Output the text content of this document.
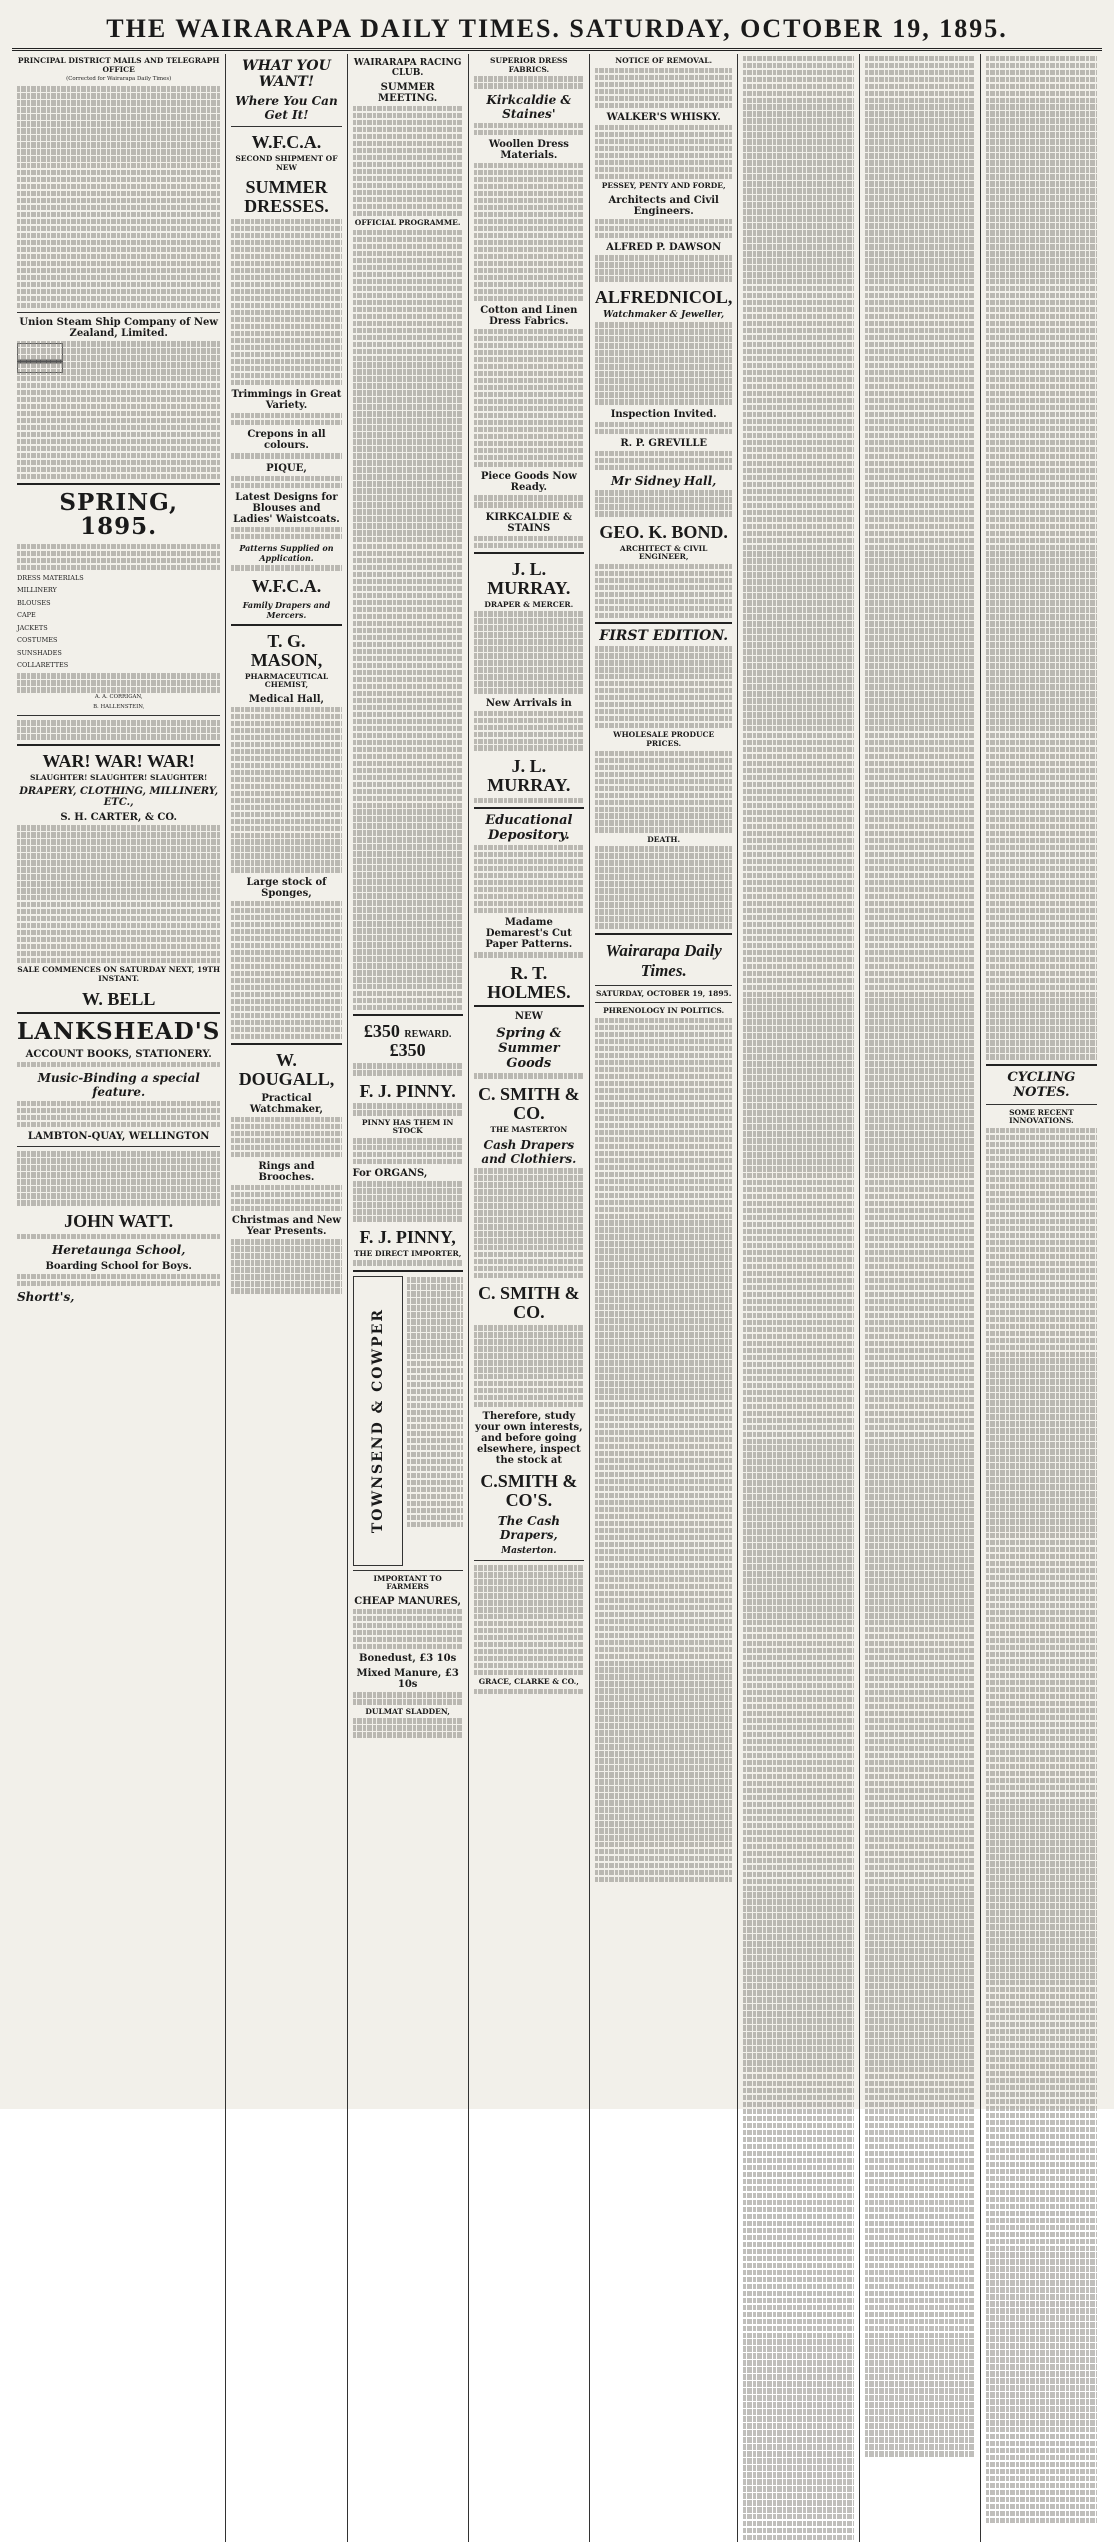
THE WAIRARAPA DAILY TIMES. SATURDAY, OCTOBER 19, 1895.
PRINCIPAL DISTRICT MAILS AND TELEGRAPH OFFICE
(Corrected for Wairarapa Daily Times)
Union Steam Ship Company of New Zealand, Limited.
SPRING, 1895.
DRESS MATERIALS
MILLINERY
BLOUSES
CAPE
JACKETS
COSTUMES
SUNSHADES
COLLARETTES
A. A. CORRIGAN,
B. HALLENSTEIN,
WAR! WAR! WAR!
SLAUGHTER! SLAUGHTER! SLAUGHTER!
DRAPERY, CLOTHING, MILLINERY, ETC.,
S. H. CARTER, & CO.
SALE COMMENCES ON SATURDAY NEXT, 19TH INSTANT.
W. BELL
LANKSHEAD'S
ACCOUNT BOOKS, STATIONERY.
Music-Binding a special feature.
LAMBTON-QUAY, WELLINGTON
JOHN WATT.
Heretaunga School,
Boarding School for Boys.
Shortt's,
WHAT YOU WANT!
Where You Can Get It!
W.F.C.A.
SECOND SHIPMENT OF NEW
SUMMER DRESSES.
Trimmings in Great Variety.
Crepons in all colours.
PIQUE,
Latest Designs for Blouses and Ladies' Waistcoats.
Patterns Supplied on Application.
W.F.C.A.
Family Drapers and Mercers.
T. G. MASON,
PHARMACEUTICAL CHEMIST,
Medical Hall,
Large stock of Sponges,
W. DOUGALL,
Practical Watchmaker,
Rings and Brooches.
Christmas and New Year Presents.
WAIRARAPA RACING CLUB.
SUMMER MEETING.
OFFICIAL PROGRAMME.
£350 REWARD. £350
F. J. PINNY.
PINNY HAS THEM IN STOCK
For ORGANS,
F. J. PINNY,
THE DIRECT IMPORTER,
TOWNSEND & COWPER
IMPORTANT TO FARMERS
CHEAP MANURES,
Bonedust, £3 10s
Mixed Manure, £3 10s
DULMAT SLADDEN,
SUPERIOR DRESS FABRICS.
Kirkcaldie & Staines'
Woollen Dress Materials.
Cotton and Linen Dress Fabrics.
Piece Goods Now Ready.
KIRKCALDIE & STAINS
J. L. MURRAY.
DRAPER & MERCER.
New Arrivals in
J. L. MURRAY.
Educational Depository.
Madame Demarest's Cut Paper Patterns.
R. T. HOLMES.
NEW
Spring & Summer Goods
C. SMITH & CO.
THE MASTERTON
Cash Drapers and Clothiers.
C. SMITH & CO.
Therefore, study your own interests, and before going elsewhere, inspect the stock at
C.SMITH & CO'S.
The Cash Drapers,
Masterton.
GRACE, CLARKE & CO.,
NOTICE OF REMOVAL.
WALKER'S WHISKY.
PESSEY, PENTY AND FORDE,
Architects and Civil Engineers.
ALFRED P. DAWSON
ALFREDNICOL,
Watchmaker & Jeweller,
Inspection Invited.
R. P. GREVILLE
Mr Sidney Hall,
GEO. K. BOND.
ARCHITECT & CIVIL ENGINEER,
FIRST EDITION.
WHOLESALE PRODUCE PRICES.
DEATH.
Wairarapa Daily Times.
SATURDAY, OCTOBER 19, 1895.
PHRENOLOGY IN POLITICS.
CYCLING NOTES.
SOME RECENT INNOVATIONS.
